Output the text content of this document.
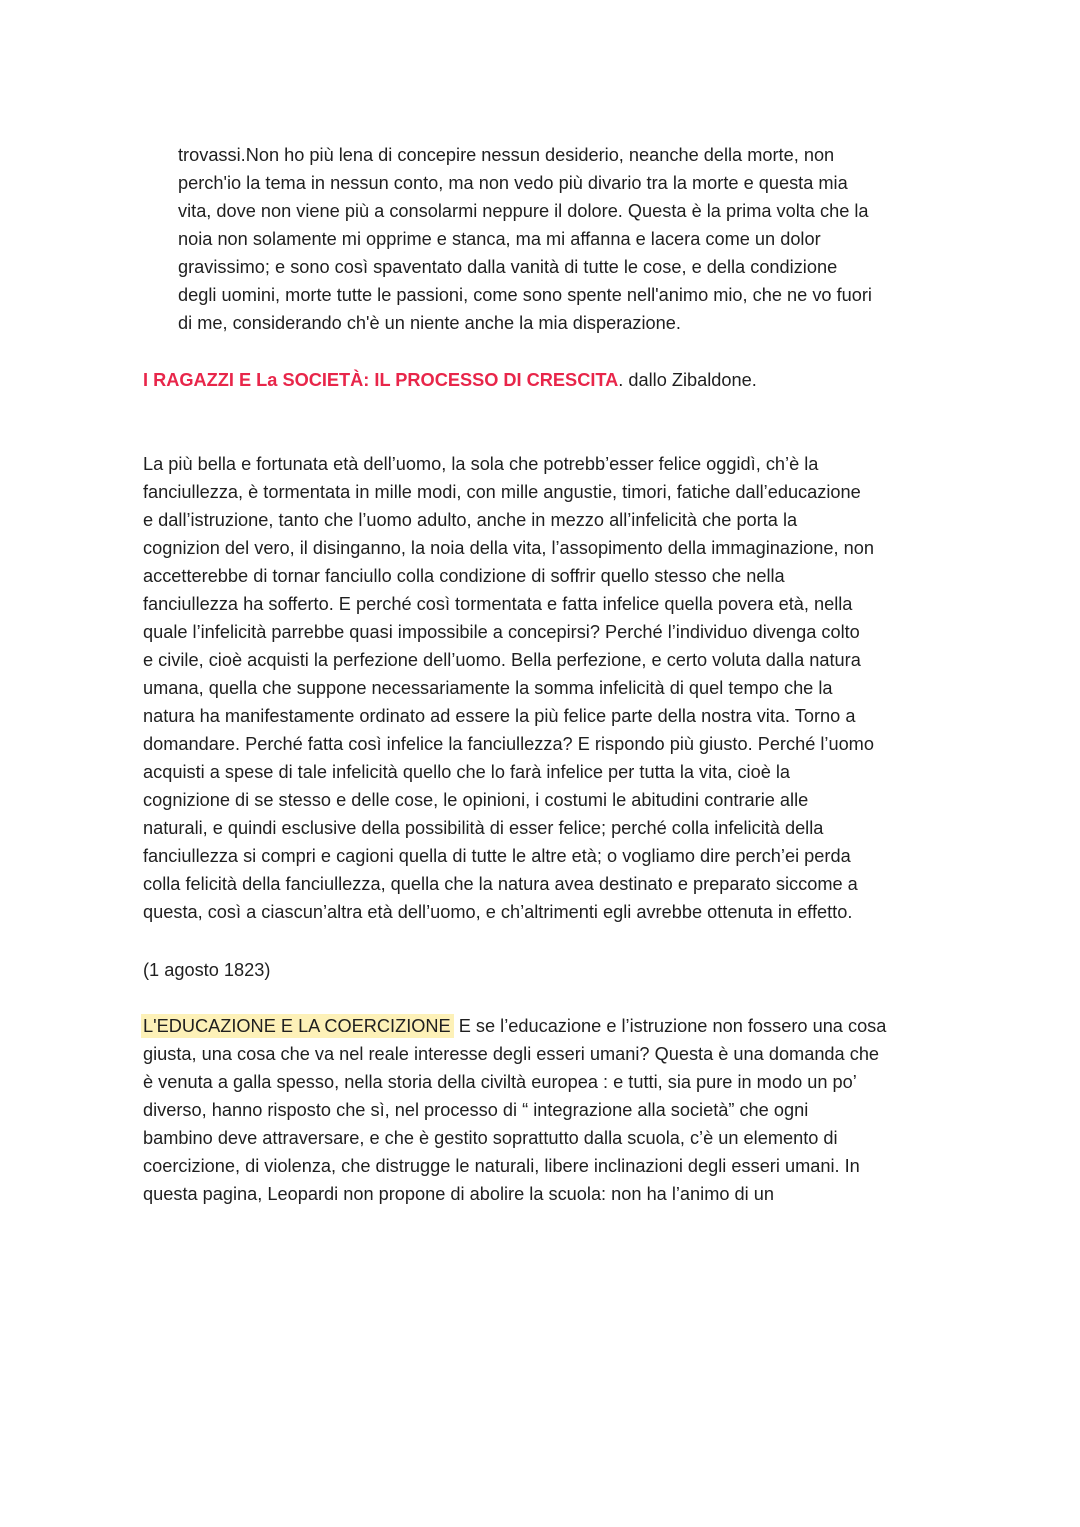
trovassi.Non ho più lena di concepire nessun desiderio, neanche della morte, non
perch'io la tema in nessun conto, ma non vedo più divario tra la morte e questa mia
vita, dove non viene più a consolarmi neppure il dolore. Questa è la prima volta che la
noia non solamente mi opprime e stanca, ma mi affanna e lacera come un dolor
gravissimo; e sono così spaventato dalla vanità di tutte le cose, e della condizione
degli uomini, morte tutte le passioni, come sono spente nell'animo mio, che ne vo fuori
di me, considerando ch'è un niente anche la mia disperazione.
I RAGAZZI E La SOCIETÀ: IL PROCESSO DI CRESCITA. dallo Zibaldone.
La più bella e fortunata età dell’uomo, la sola che potrebb’esser felice oggidì, ch’è la
fanciullezza, è tormentata in mille modi, con mille angustie, timori, fatiche dall’educazione
e dall’istruzione, tanto che l’uomo adulto, anche in mezzo all’infelicità che porta la
cognizion del vero, il disinganno, la noia della vita, l’assopimento della immaginazione, non
accetterebbe di tornar fanciullo colla condizione di soffrir quello stesso che nella
fanciullezza ha sofferto. E perché così tormentata e fatta infelice quella povera età, nella
quale l’infelicità parrebbe quasi impossibile a concepirsi? Perché l’individuo divenga colto
e civile, cioè acquisti la perfezione dell’uomo. Bella perfezione, e certo voluta dalla natura
umana, quella che suppone necessariamente la somma infelicità di quel tempo che la
natura ha manifestamente ordinato ad essere la più felice parte della nostra vita. Torno a
domandare. Perché fatta così infelice la fanciullezza? E rispondo più giusto. Perché l’uomo
acquisti a spese di tale infelicità quello che lo farà infelice per tutta la vita, cioè la
cognizione di se stesso e delle cose, le opinioni, i costumi le abitudini contrarie alle
naturali, e quindi esclusive della possibilità di esser felice; perché colla infelicità della
fanciullezza si compri e cagioni quella di tutte le altre età; o vogliamo dire perch’ei perda
colla felicità della fanciullezza, quella che la natura avea destinato e preparato siccome a
questa, così a ciascun’altra età dell’uomo, e ch’altrimenti egli avrebbe ottenuta in effetto.
(1 agosto 1823)
L'EDUCAZIONE E LA COERCIZIONE E se l’educazione e l’istruzione non fossero una cosa
giusta, una cosa che va nel reale interesse degli esseri umani? Questa è una domanda che
è venuta a galla spesso, nella storia della civiltà europea : e tutti, sia pure in modo un po’
diverso, hanno risposto che sì, nel processo di “ integrazione alla società” che ogni
bambino deve attraversare, e che è gestito soprattutto dalla scuola, c’è un elemento di
coercizione, di violenza, che distrugge le naturali, libere inclinazioni degli esseri umani. In
questa pagina, Leopardi non propone di abolire la scuola: non ha l’animo di un
